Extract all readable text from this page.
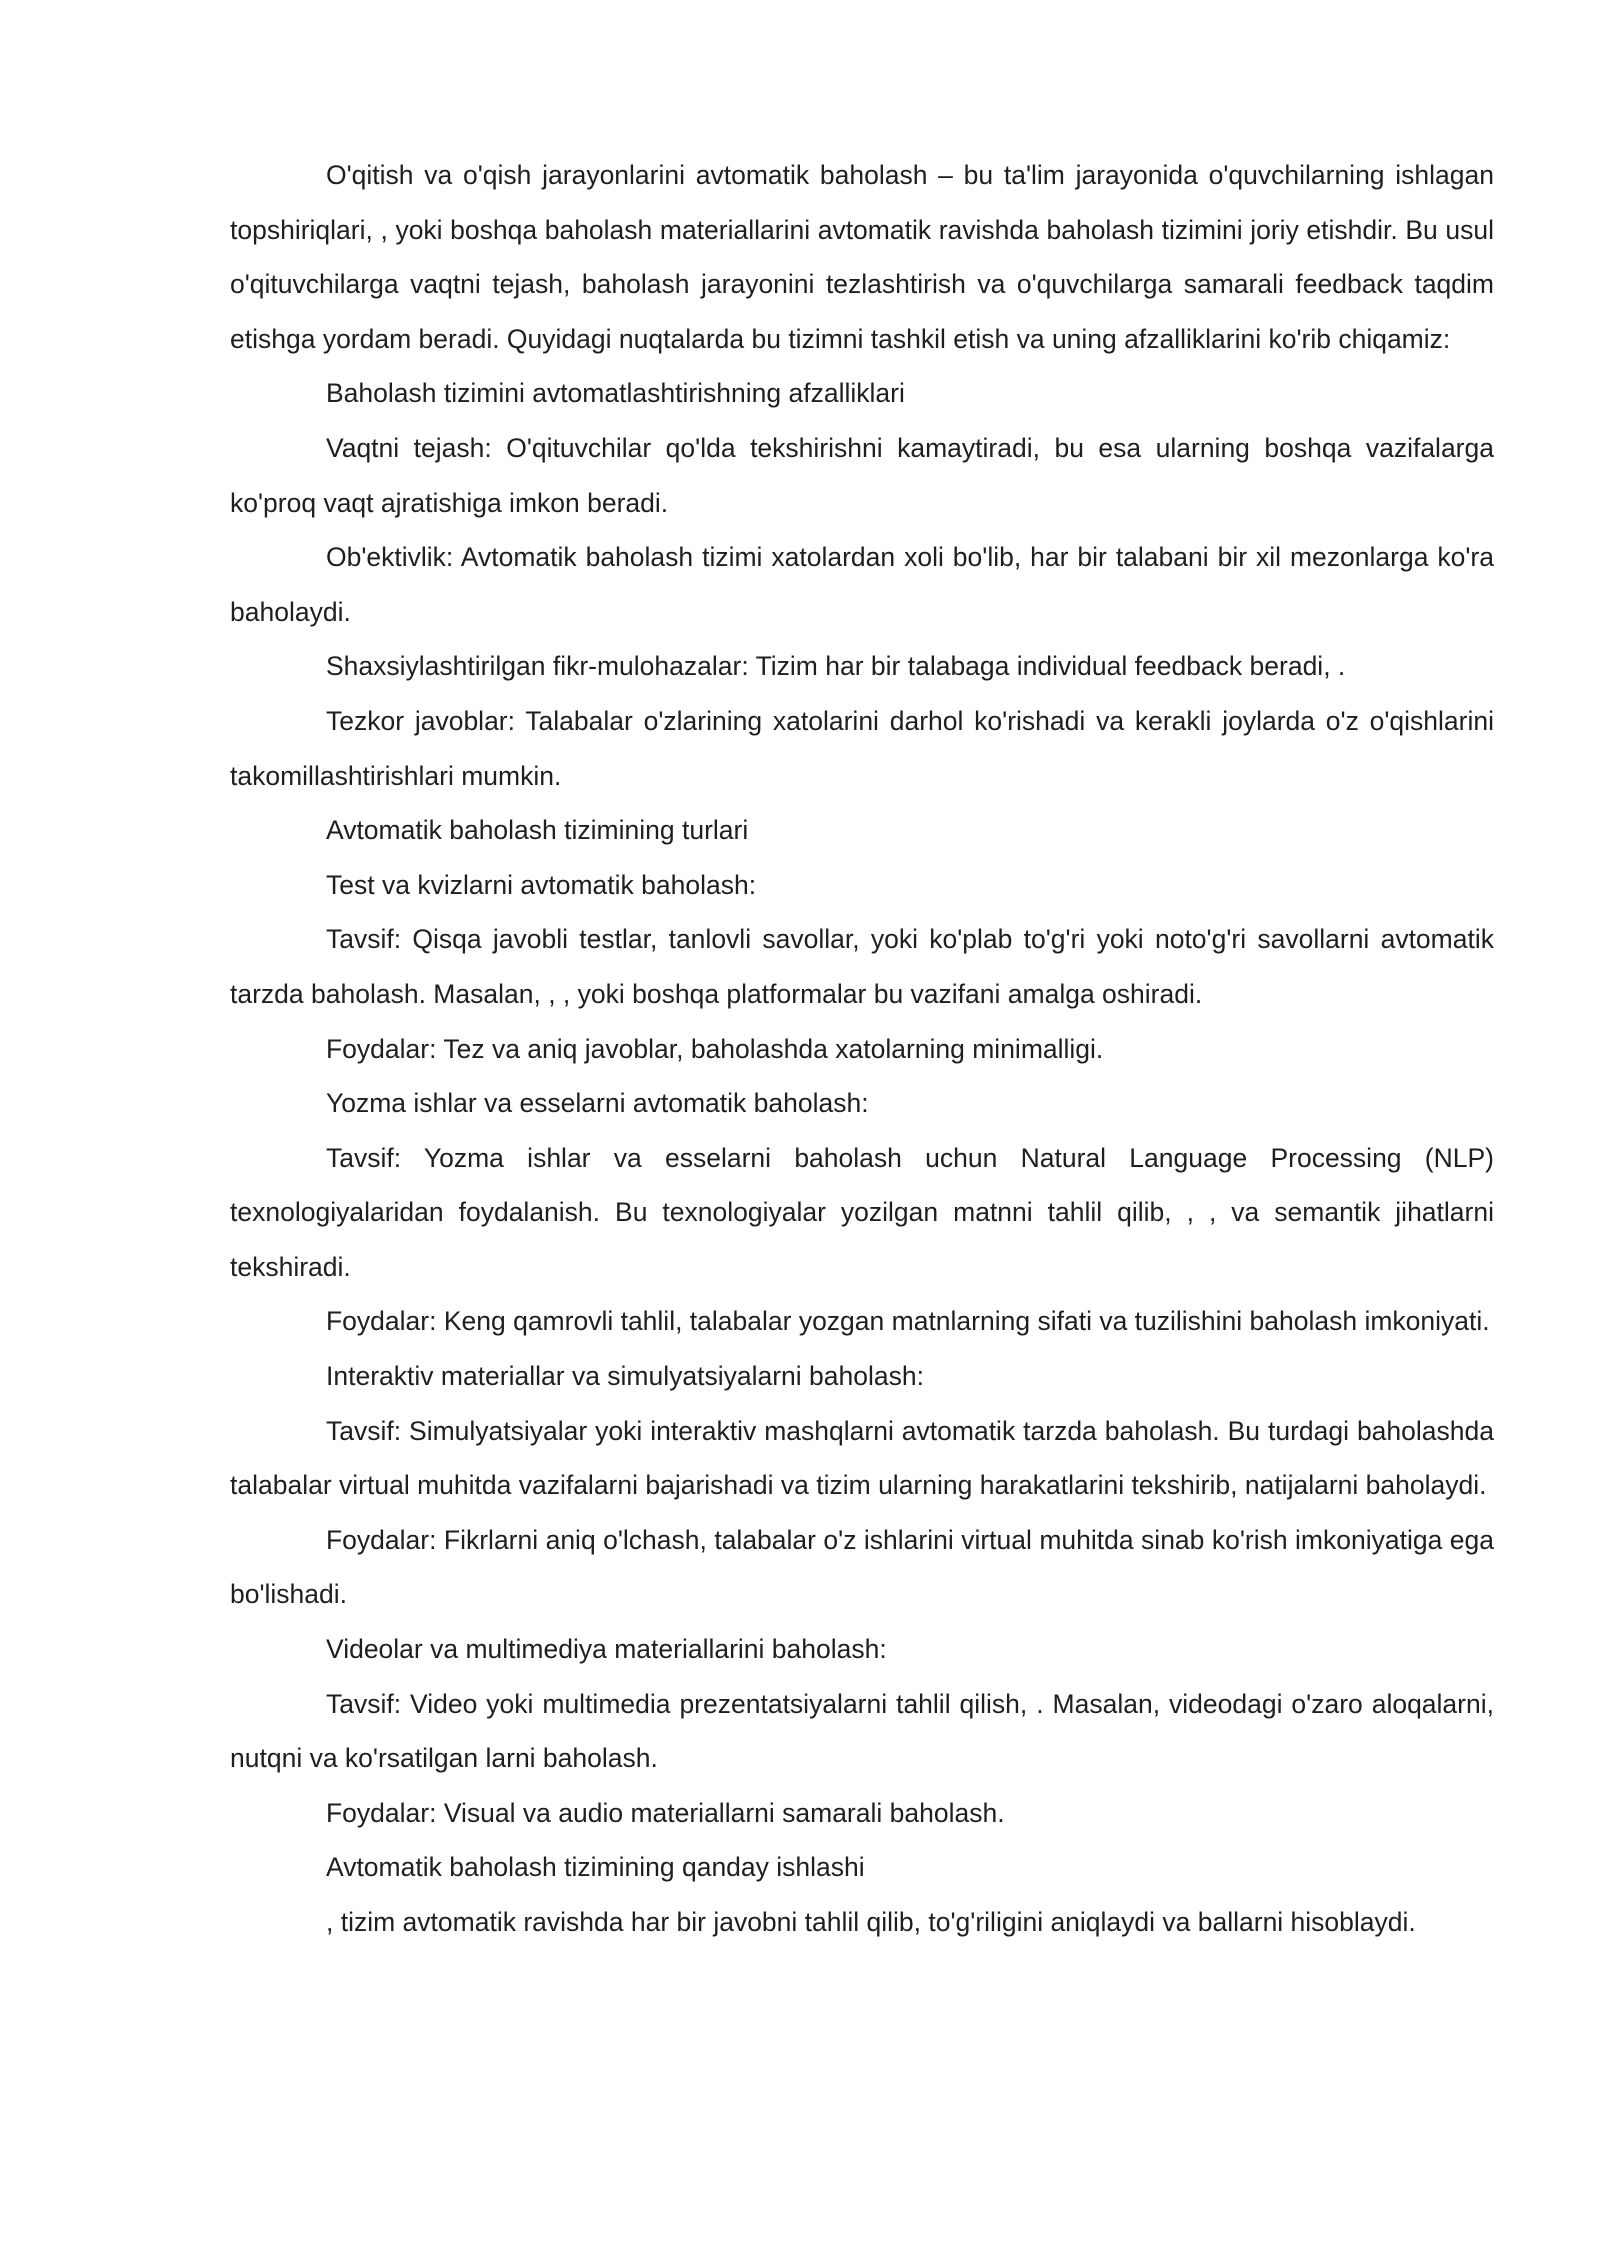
O'qitish va o'qish jarayonlarini avtomatik baholash – bu ta'lim jarayonida o'quvchilarning ishlagan topshiriqlari, , yoki boshqa baholash materiallarini avtomatik ravishda baholash tizimini joriy etishdir. Bu usul o'qituvchilarga vaqtni tejash, baholash jarayonini tezlashtirish va o'quvchilarga samarali feedback taqdim etishga yordam beradi. Quyidagi nuqtalarda bu tizimni tashkil etish va uning afzalliklarini ko'rib chiqamiz:

Baholash tizimini avtomatlashtirishning afzalliklari

Vaqtni tejash: O'qituvchilar qo'lda tekshirishni kamaytiradi, bu esa ularning boshqa vazifalarga ko'proq vaqt ajratishiga imkon beradi.

Ob'ektivlik: Avtomatik baholash tizimi xatolardan xoli bo'lib, har bir talabani bir xil mezonlarga ko'ra baholaydi.

Shaxsiylashtirilgan fikr-mulohazalar: Tizim har bir talabaga individual feedback beradi, .

Tezkor javoblar: Talabalar o'zlarining xatolarini darhol ko'rishadi va kerakli joylarda o'z o'qishlarini takomillashtirishlari mumkin.

Avtomatik baholash tizimining turlari

Test va kvizlarni avtomatik baholash:

Tavsif: Qisqa javobli testlar, tanlovli savollar, yoki ko'plab to'g'ri yoki noto'g'ri savollarni avtomatik tarzda baholash. Masalan, , , yoki boshqa platformalar bu vazifani amalga oshiradi.

Foydalar: Tez va aniq javoblar, baholashda xatolarning minimalligi.

Yozma ishlar va esselarni avtomatik baholash:

Tavsif: Yozma ishlar va esselarni baholash uchun Natural Language Processing (NLP) texnologiyalaridan foydalanish. Bu texnologiyalar yozilgan matnni tahlil qilib, , , va semantik jihatlarni tekshiradi.

Foydalar: Keng qamrovli tahlil, talabalar yozgan matnlarning sifati va tuzilishini baholash imkoniyati.

Interaktiv materiallar va simulyatsiyalarni baholash:

Tavsif: Simulyatsiyalar yoki interaktiv mashqlarni avtomatik tarzda baholash. Bu turdagi baholashda talabalar virtual muhitda vazifalarni bajarishadi va tizim ularning harakatlarini tekshirib, natijalarni baholaydi.

Foydalar: Fikrlarni aniq o'lchash, talabalar o'z ishlarini virtual muhitda sinab ko'rish imkoniyatiga ega bo'lishadi.

Videolar va multimediya materiallarini baholash:

Tavsif: Video yoki multimedia prezentatsiyalarni tahlil qilish, . Masalan, videodagi o'zaro aloqalarni, nutqni va ko'rsatilgan larni baholash.

Foydalar: Visual va audio materiallarni samarali baholash.

Avtomatik baholash tizimining qanday ishlashi

, tizim avtomatik ravishda har bir javobni tahlil qilib, to'g'riligini aniqlaydi va ballarni hisoblaydi.
